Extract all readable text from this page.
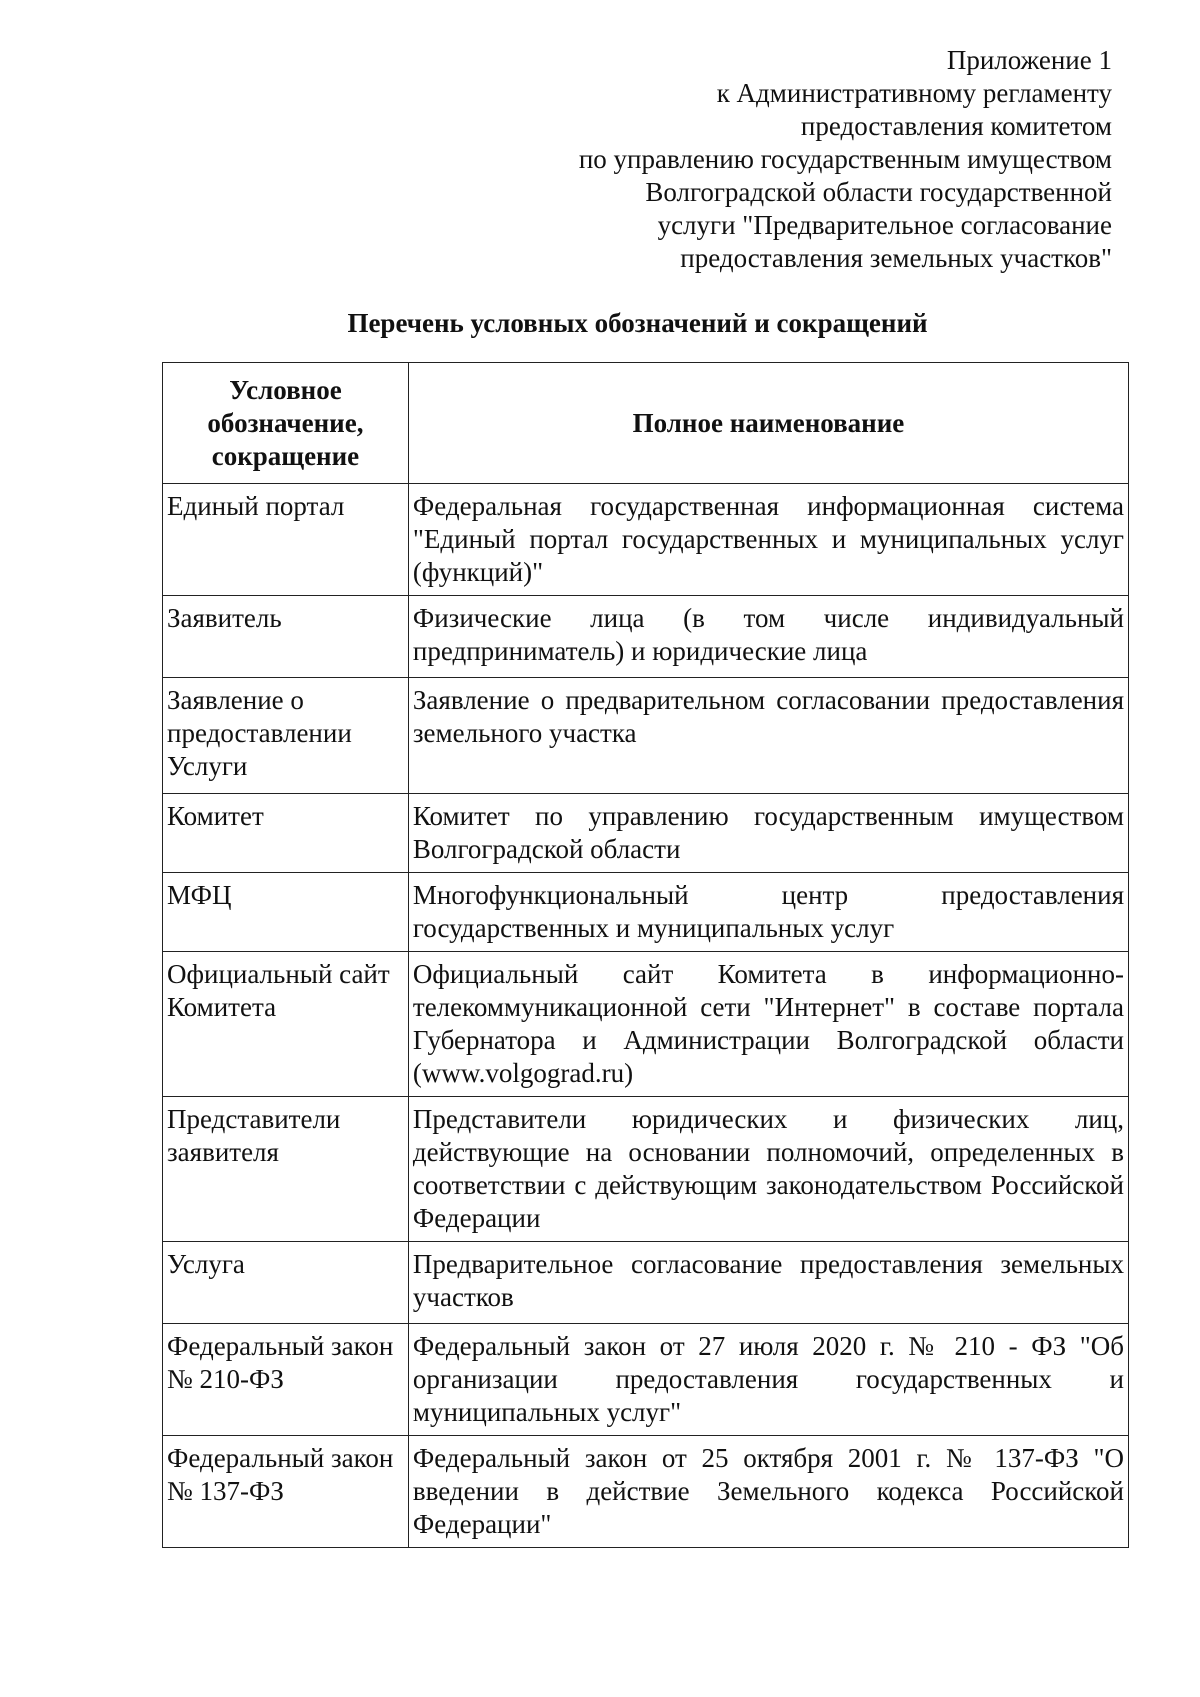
Приложение 1
к Административному регламенту
предоставления комитетом
по управлению государственным имуществом
Волгоградской области государственной
услуги "Предварительное согласование
предоставления земельных участков"
Перечень условных обозначений и сокращений
Условное обозначение, сокращение	Полное наименование
Единый портал	Федеральная государственная информационная система "Единый портал государственных и муниципальных услуг (функций)"
Заявитель	Физические лица (в том числе индивидуальный предприниматель) и юридические лица
Заявление о предоставлении Услуги	Заявление о предварительном согласовании предоставления земельного участка
Комитет	Комитет по управлению государственным имуществом Волгоградской области
МФЦ	Многофункциональный центр предоставления государственных и муниципальных услуг
Официальный сайт Комитета	Официальный сайт Комитета в информационно-телекоммуникационной сети "Интернет" в составе портала Губернатора и Администрации Волгоградской области (www.volgograd.ru)
Представители заявителя	Представители юридических и физических лиц, действующие на основании полномочий, определенных в соответствии с действующим законодательством Российской Федерации
Услуга	Предварительное согласование предоставления земельных участков
Федеральный закон № 210-ФЗ	Федеральный закон от 27 июля 2020 г. № 210 - ФЗ "Об организации предоставления государственных и муниципальных услуг"
Федеральный закон № 137-ФЗ	Федеральный закон от 25 октября 2001 г. № 137-ФЗ "О введении в действие Земельного кодекса Российской Федерации"
